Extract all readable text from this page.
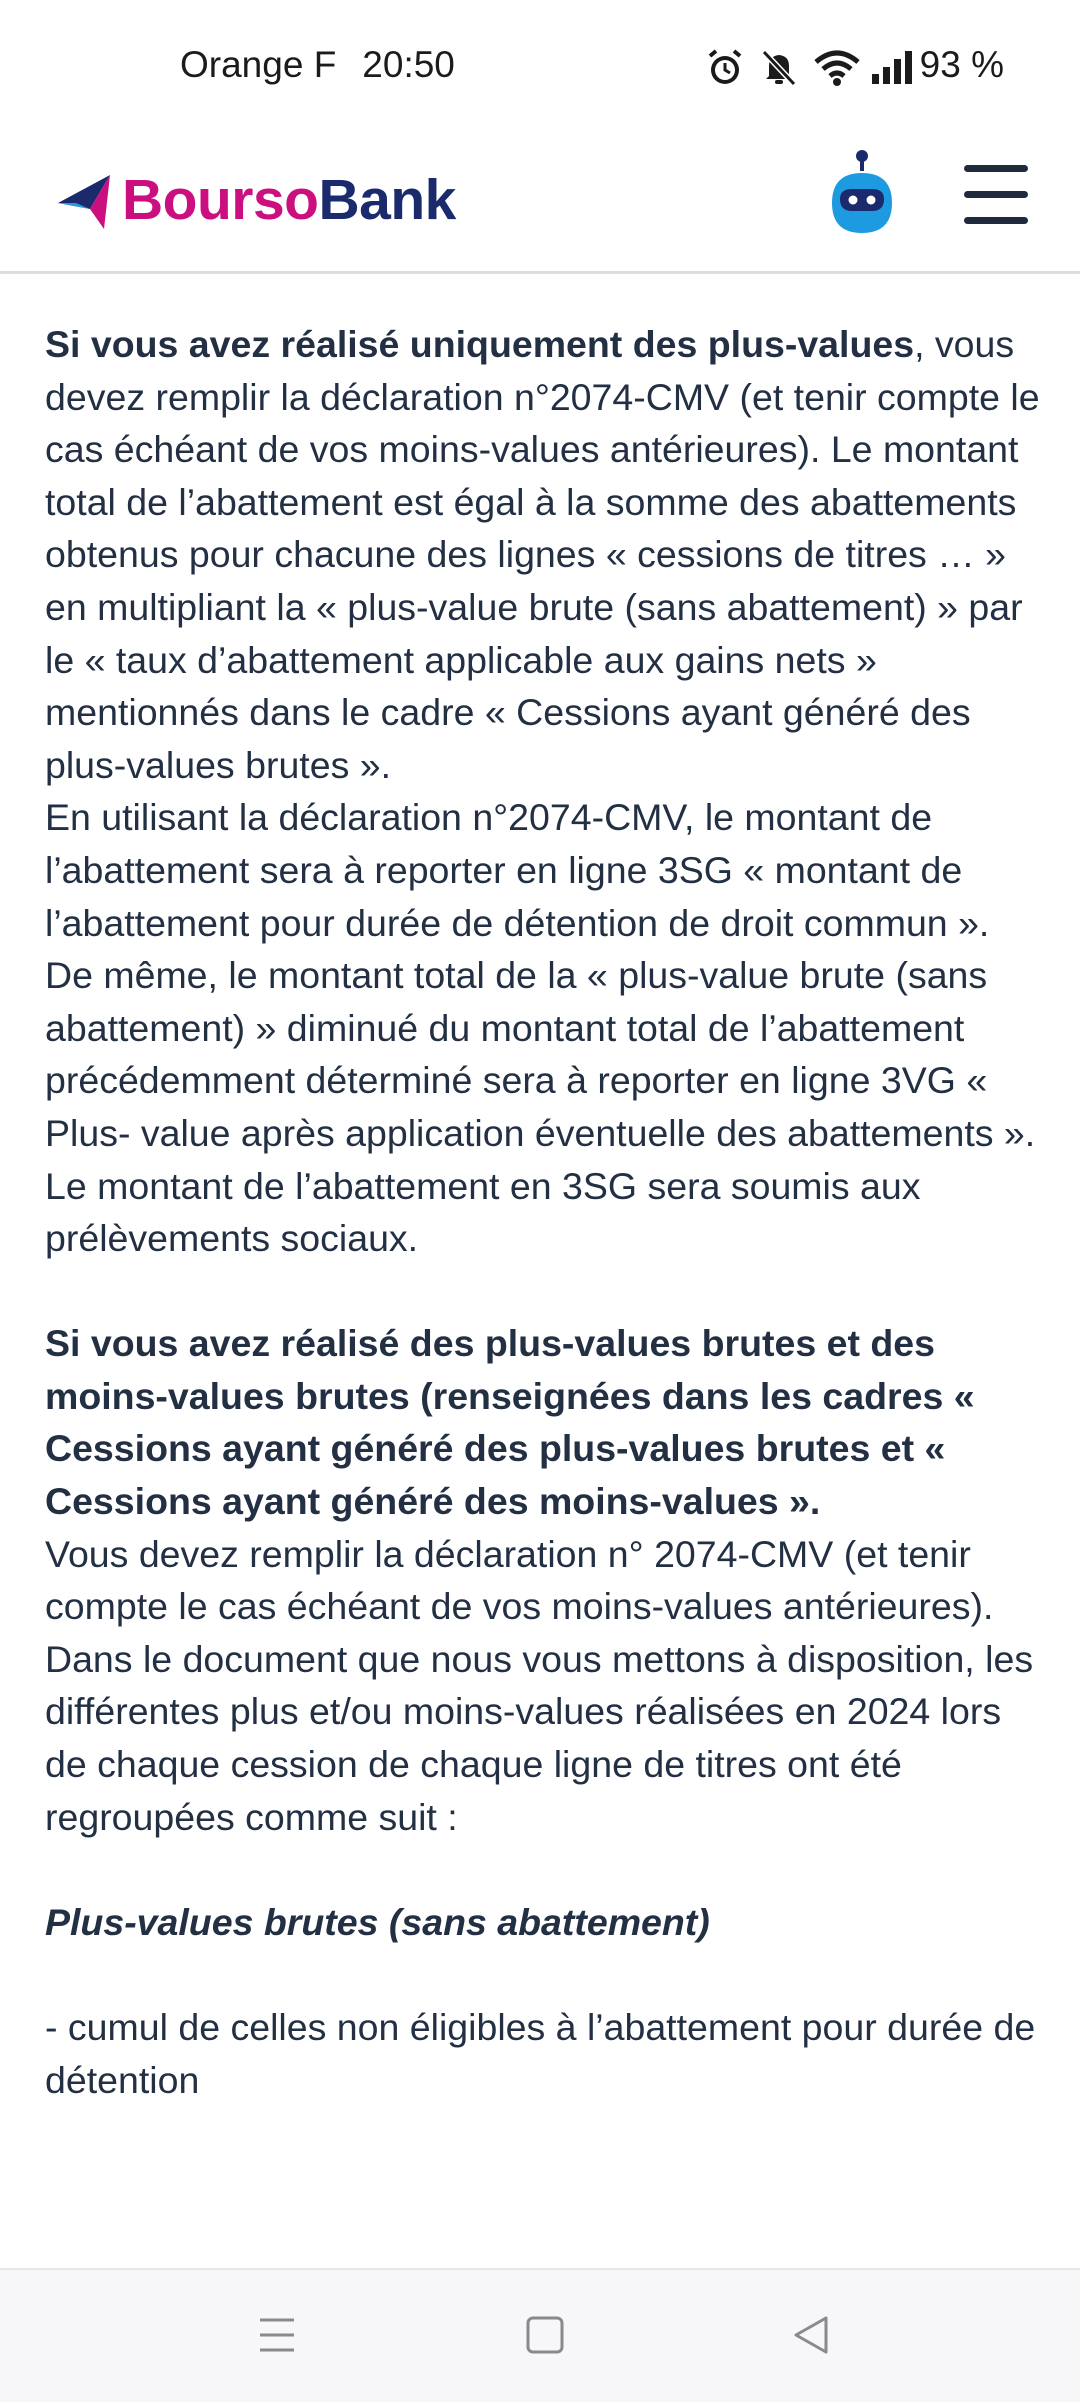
Orange F 20:50	93 %
BoursoBank

Si vous avez réalisé uniquement des plus-values, vous devez remplir la déclaration n°2074-CMV (et tenir compte le cas échéant de vos moins-values antérieures). Le montant total de l’abattement est égal à la somme des abattements obtenus pour chacune des lignes « cessions de titres … » en multipliant la « plus-value brute (sans abattement) » par le « taux d’abattement applicable aux gains nets » mentionnés dans le cadre « Cessions ayant généré des plus-values brutes ».

En utilisant la déclaration n°2074-CMV, le montant de l’abattement sera à reporter en ligne 3SG « montant de l’abattement pour durée de détention de droit commun ». De même, le montant total de la « plus-value brute (sans abattement) » diminué du montant total de l’abattement précédemment déterminé sera à reporter en ligne 3VG « Plus- value après application éventuelle des abattements ».

Le montant de l’abattement en 3SG sera soumis aux prélèvements sociaux.

Si vous avez réalisé des plus-values brutes et des moins-values brutes (renseignées dans les cadres « Cessions ayant généré des plus-values brutes et « Cessions ayant généré des moins-values ».

Vous devez remplir la déclaration n° 2074-CMV (et tenir compte le cas échéant de vos moins-values antérieures).

Dans le document que nous vous mettons à disposition, les différentes plus et/ou moins-values réalisées en 2024 lors de chaque cession de chaque ligne de titres ont été regroupées comme suit :

Plus-values brutes (sans abattement)

- cumul de celles non éligibles à l’abattement pour durée de détention
